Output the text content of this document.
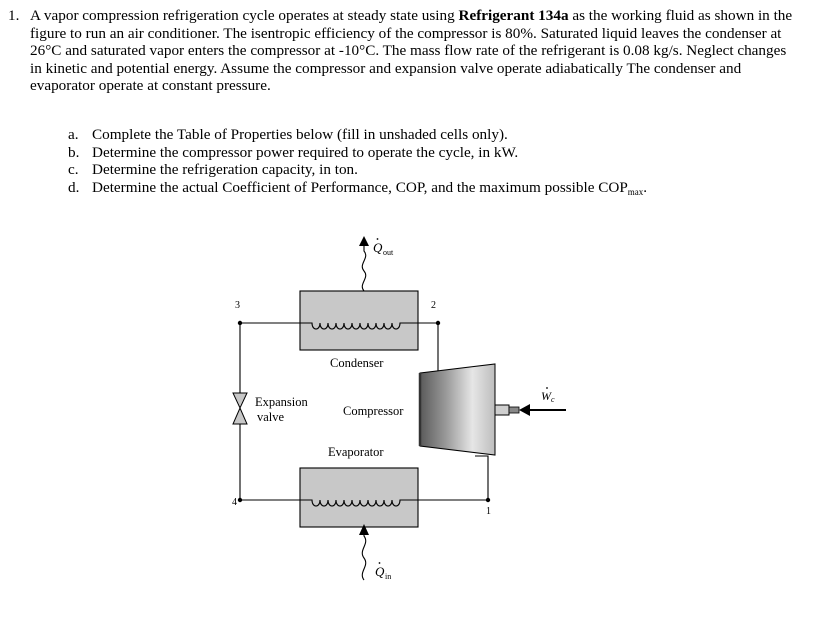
1. A vapor compression refrigeration cycle operates at steady state using Refrigerant 134a as the working fluid as shown in the figure to run an air conditioner. The isentropic efficiency of the compressor is 80%. Saturated liquid leaves the condenser at 26°C and saturated vapor enters the compressor at -10°C. The mass flow rate of the refrigerant is 0.08 kg/s. Neglect changes in kinetic and potential energy. Assume the compressor and expansion valve operate adiabatically The condenser and evaporator operate at constant pressure.
a. Complete the Table of Properties below (fill in unshaded cells only).
b. Determine the compressor power required to operate the cycle, in kW.
c. Determine the refrigeration capacity, in ton.
d. Determine the actual Coefficient of Performance, COP, and the maximum possible $COP_{max}$.
Condenser
Evaporator
Compressor
Expansion
valve
3	2
4
1
Q out
Q in
W c
